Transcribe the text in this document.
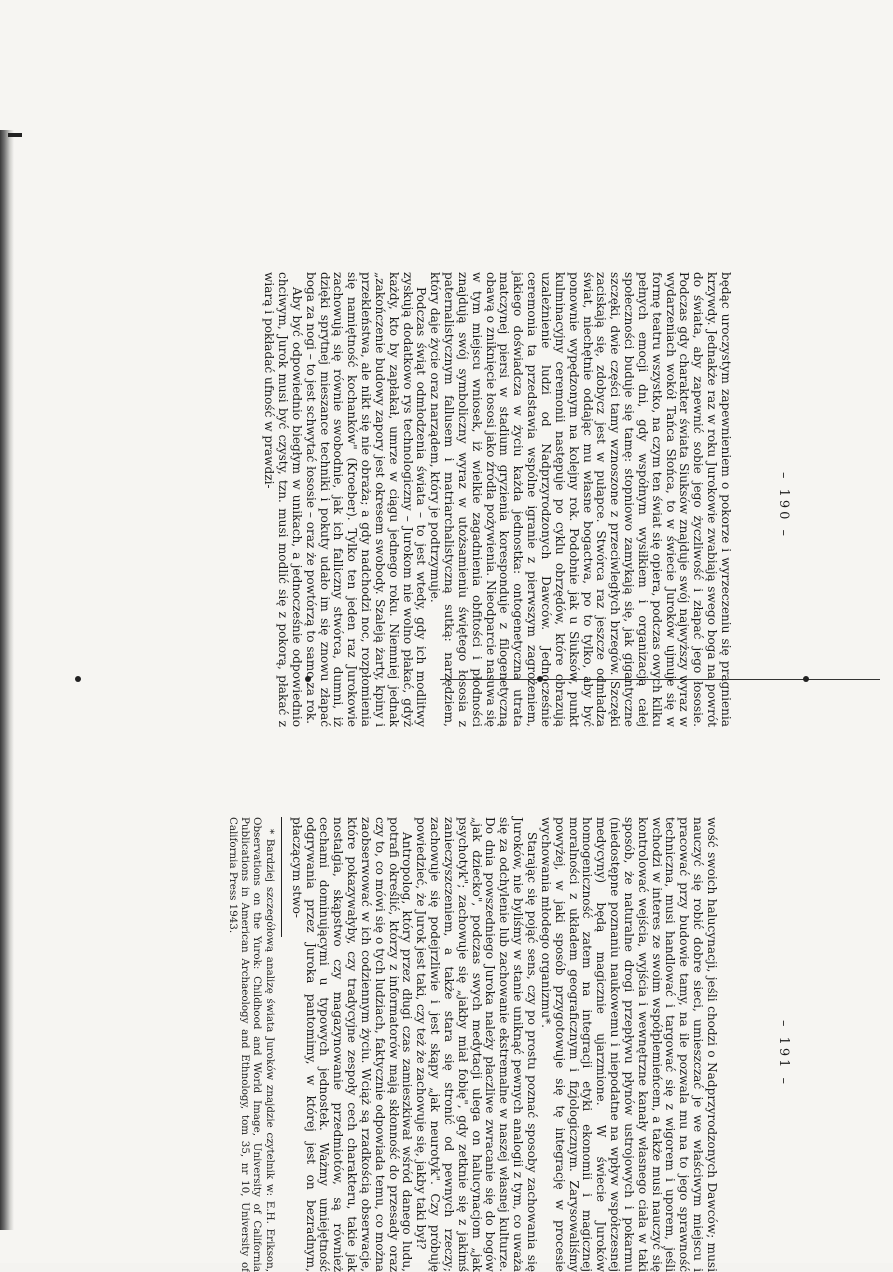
będąc uroczystym zapewnieniem o pokorze i wyrzeczeniu się pragnienia krzywdy. Jednakże raz w roku Jurokowie zwabiają swego boga na powrót do świata, aby zapewnić sobie jego życzliwość i złapać jego łososie. Podczas gdy charakter świata Siuksów znajduje swój najwyższy wyraz w wydarzeniach wokół Tańca Słońca, to w świecie Juroków ujmuje się w formę teatru wszystko, na czym ten świat się opiera, podczas owych kilku pełnych emocji dni, gdy współnym wysiłkiem i organizacją całej społeczności buduje się tamę: stopniowo zamykają się, jak gigantyczne szczęki, dwie części tamy wznoszone z przeciwległych brzegów. Szczęki zaciskają się, zdobycz jest w pułapce. Stwórca raz jeszcze odmładza świat, niechętnie oddając mu własne bogactwa, po to tylko, aby być ponownie wypędzonym na kolejny rok. Podobnie jak u Siuksów, punkt kulminacyjny ceremonii następuje po cyklu obrzędów, które obrazują uzależnienie ludzi od Nadprzyrodzonych Dawców. Jednocześnie ceremonia ta przedstawia wspólne igranie z pierwszym zagrożeniem, jakiego doświadcza w życiu każda jednostka: ontogenetyczna utrata matczynej piersi w stadium gryzienia koresponduje z filogenetyczną obawą o zniknięcie łososi jako źródła pożywienia. Nieodparcie nasuwa się w tym miejscu wniosek, iż wielkie zagadnienia obfitości i płodności znajdują swój symboliczny wyraz w utożsamieniu świętego łososia z paternalistycznym fallusem i matriarchalistyczną sutką: narzędziem, który daje życie oraz narządem, który je podtrzymuje.

Podczas świąt odmłodzenia świata – to jest wtedy, gdy ich modlitwy zyskują dodatkowo rys technologiczny – Jurokom nie wolno płakać, gdyż każdy, kto by zapłakał, umrze w ciągu jednego roku. Niemniej jednak „zakończenie budowy zapory jest okresem swobody. Szaleją żarty, kpiny i przekleństwa, ale nikt się nie obraża; a gdy nadchodzi noc, rozpłomienia się namiętność kochanków" (Kroeber). Tylko ten jeden raz Jurokowie zachowują się równie swobodnie, jak ich falliczny stwórca, dumni, iż dzięki sprytnej mieszance techniki i pokuty udało im się znowu złapać boga za nogi – to jest schwytać łososie – oraz że powtórzą to samo za rok.

Aby być odpowiednio biegłym w unikach, a jednocześnie odpowiednio chciwym, Jurok musi być czysty, tzn. musi modlić się z pokorą, płakać z wiarą i pokładać ufność w prawdzi-

– 190 –

wość swoich halucynacji, jeśli chodzi o Nadprzyrodzonych Dawców; musi nauczyć się robić dobre sieci, umieszczać je we właściwym miejscu i pracować przy budowie tamy, na ile pozwala mu na to jego sprawność techniczna, musi handlować i targować się z wigorem i uporem, jeśli wchodzi w interes ze swoim współplemieńcem, a także musi nauczyć się kontrolować wejścia, wyjścia i wewnętrzne kanały własnego ciała w taki sposób, że naturalne drogi przepływu płynów ustrojowych i pokarmu (niedostępne poznaniu naukowemu i niepodatne na wpływ współczesnej medycyny) będą magicznie ujarzmione. W świecie Juroków homogeniczność zatem na integracji etyki ekonomii i magicznej moralności z układem geograficznym i fizjologicznym. Zarysowaliśmy powyżej, w jaki sposób przygotowuje się tę integrację w procesie wychowania młodego organizmu*.

Starając się pojąć sens, czy po prostu poznać sposoby zachowania się Juroków, nie byliśmy w stanie uniknąć pewnych analogii z tym, co uważa się za odchylenie lub zachowanie ekstremalne w naszej własnej kulturze. Do dnia powszedniego Juroka należy płaczliwe zwracanie się do bogów „jak dziecko", podczas swych medytacji ulega on halucynacjom „jak psychotyk"; zachowuje się „jakby miał fobię", gdy zetknie się z jakimś zanieczyszczeniem, a także stara się stronić od pewnych rzeczy; zachowuje się podejrzliwie i jest skąpy „jak neurotyk". Czy próbuję powiedzieć, że Jurok jest taki, czy też że zachowuje się, jakby taki był?

Antropolog, który przez długi czas zamieszkiwał wśród danego ludu, potrafi określić, którzy z informatorów mają skłonność do przesady oraz czy to, co mówi się o tych ludziach, faktycznie odpowiada temu, co można zaobserwować w ich codziennym życiu. Wciąż są rzadkością obserwacje, które pokazywałyby, czy tradycyjne zespoły cech charakteru, takie jak nostalgia, skąpstwo czy magazynowanie przedmiotów, są również cechami dominującymi u typowych jednostek. Ważmy umiejętność odgrywania przez Juroka pantomimy, w której jest on bezradnym, płaczącym stwo-

* Bardziej szczegółową analizę świata Juroków znajdzie czytelnik w: E.H. Erikson, Observations on the Yurok: Childhood and World Image, University of California Publications in American Archaeology and Ethnology, tom 35, nr 10, University of California Press 1943.

– 191 –
